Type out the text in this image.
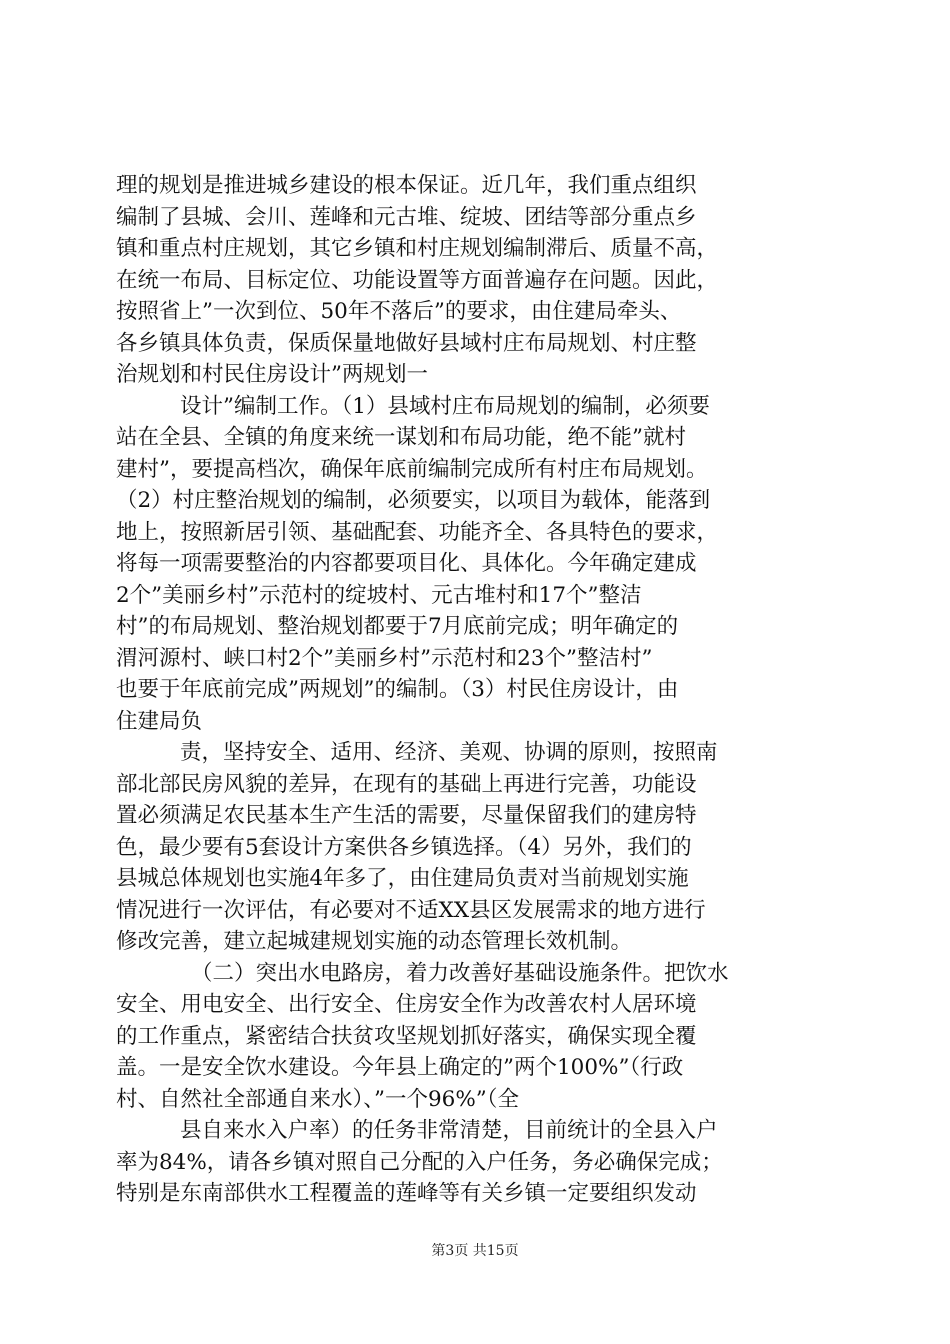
理的规划是推进城乡建设的根本保证。近几年，我们重点组织
编制了县城、会川、莲峰和元古堆、绽坡、团结等部分重点乡
镇和重点村庄规划，其它乡镇和村庄规划编制滞后、质量不高，
在统一布局、目标定位、功能设置等方面普遍存在问题。因此，
按照省上”一次到位、50年不落后”的要求，由住建局牵头、
各乡镇具体负责，保质保量地做好县域村庄布局规划、村庄整
治规划和村民住房设计”两规划一
设计”编制工作。（1）县域村庄布局规划的编制，必须要
站在全县、全镇的角度来统一谋划和布局功能，绝不能”就村
建村”，要提高档次，确保年底前编制完成所有村庄布局规划。
（2）村庄整治规划的编制，必须要实，以项目为载体，能落到
地上，按照新居引领、基础配套、功能齐全、各具特色的要求，
将每一项需要整治的内容都要项目化、具体化。今年确定建成
2个”美丽乡村”示范村的绽坡村、元古堆村和17个”整洁
村”的布局规划、整治规划都要于7月底前完成；明年确定的
渭河源村、峡口村2个”美丽乡村”示范村和23个”整洁村”
也要于年底前完成”两规划”的编制。（3）村民住房设计，由
住建局负
责，坚持安全、适用、经济、美观、协调的原则，按照南
部北部民房风貌的差异，在现有的基础上再进行完善，功能设
置必须满足农民基本生产生活的需要，尽量保留我们的建房特
色，最少要有5套设计方案供各乡镇选择。（4）另外，我们的
县城总体规划也实施4年多了，由住建局负责对当前规划实施
情况进行一次评估，有必要对不适XX县区发展需求的地方进行
修改完善，建立起城建规划实施的动态管理长效机制。
（二）突出水电路房，着力改善好基础设施条件。把饮水
安全、用电安全、出行安全、住房安全作为改善农村人居环境
的工作重点，紧密结合扶贫攻坚规划抓好落实，确保实现全覆
盖。一是安全饮水建设。今年县上确定的”两个100%”（行政
村、自然社全部通自来水）、”一个96%”（全
县自来水入户率）的任务非常清楚，目前统计的全县入户
率为84%，请各乡镇对照自己分配的入户任务，务必确保完成；
特别是东南部供水工程覆盖的莲峰等有关乡镇一定要组织发动
第3页 共15页
